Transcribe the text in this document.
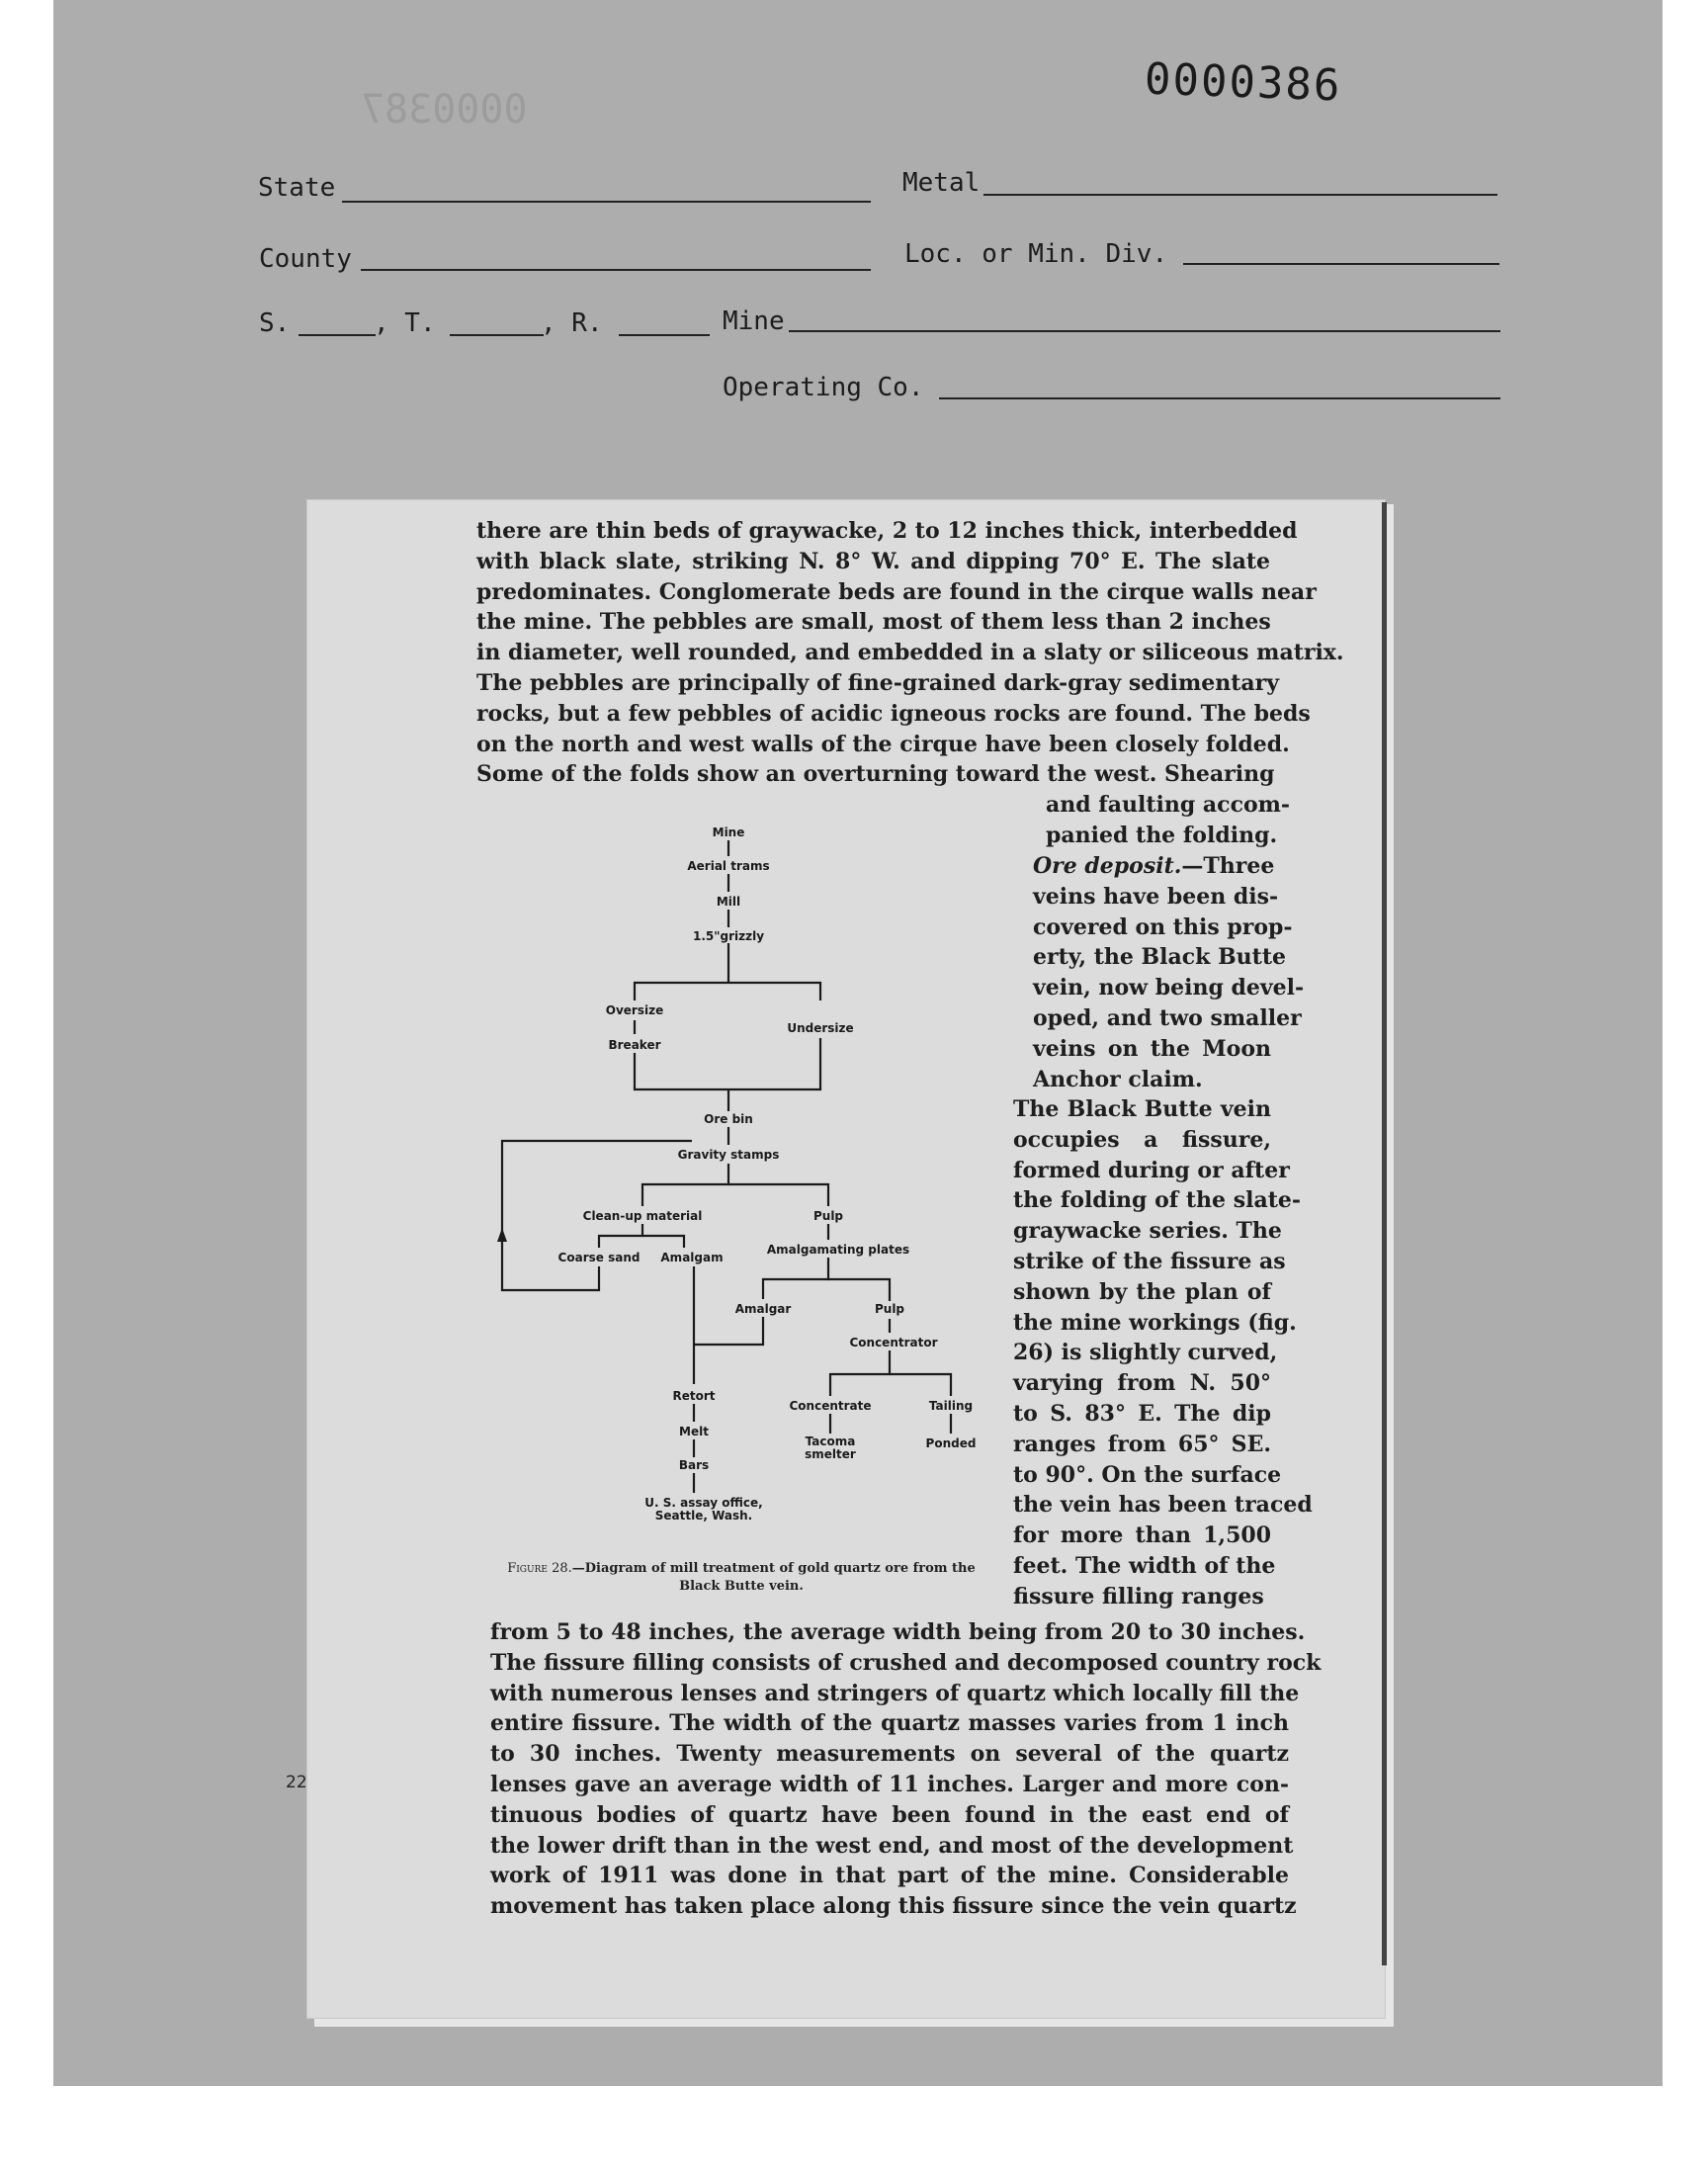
0000387	0000386
State	Metal
County	Loc. or Min. Div.
S.	, T.	, R.	Mine
Operating Co.
there are thin beds of graywacke, 2 to 12 inches thick, interbedded
with black slate, striking N. 8° W. and dipping 70° E. The slate
predominates. Conglomerate beds are found in the cirque walls near
the mine. The pebbles are small, most of them less than 2 inches
in diameter, well rounded, and embedded in a slaty or siliceous matrix.
The pebbles are principally of fine-grained dark-gray sedimentary
rocks, but a few pebbles of acidic igneous rocks are found. The beds
on the north and west walls of the cirque have been closely folded.
Some of the folds show an overturning toward the west. Shearing
and faulting accom-
panied the folding.
Ore deposit.—Three
veins have been dis-
covered on this prop-
erty, the Black Butte
vein, now being devel-
oped, and two smaller
veins on the Moon
Anchor claim.
The Black Butte vein
occupies a fissure,
formed during or after
the folding of the slate-
graywacke series. The
strike of the fissure as
shown by the plan of
the mine workings (fig.
26) is slightly curved,
varying from N. 50°
to S. 83° E. The dip
ranges from 65° SE.
to 90°. On the surface
the vein has been traced
for more than 1,500
feet. The width of the
fissure filling ranges
from 5 to 48 inches, the average width being from 20 to 30 inches.
The fissure filling consists of crushed and decomposed country rock
with numerous lenses and stringers of quartz which locally fill the
entire fissure. The width of the quartz masses varies from 1 inch
to 30 inches. Twenty measurements on several of the quartz
lenses gave an average width of 11 inches. Larger and more con-
tinuous bodies of quartz have been found in the east end of
the lower drift than in the west end, and most of the development
work of 1911 was done in that part of the mine. Considerable
movement has taken place along this fissure since the vein quartz
Mine
Aerial trams
Mill
1.5"grizzly
Oversize
Breaker
Undersize
Ore bin
Gravity stamps
Clean-up material	Pulp
Amalgamating plates
Coarse sand Amalgam
Amalgar	Pulp
Concentrator
Retort
Concentrate	Tailing
Melt
Tacoma
smelter
Ponded
Bars
U. S. assay office,
Seattle, Wash.
Figure 28.—Diagram of mill treatment of gold quartz ore from the Black Butte vein.
22
